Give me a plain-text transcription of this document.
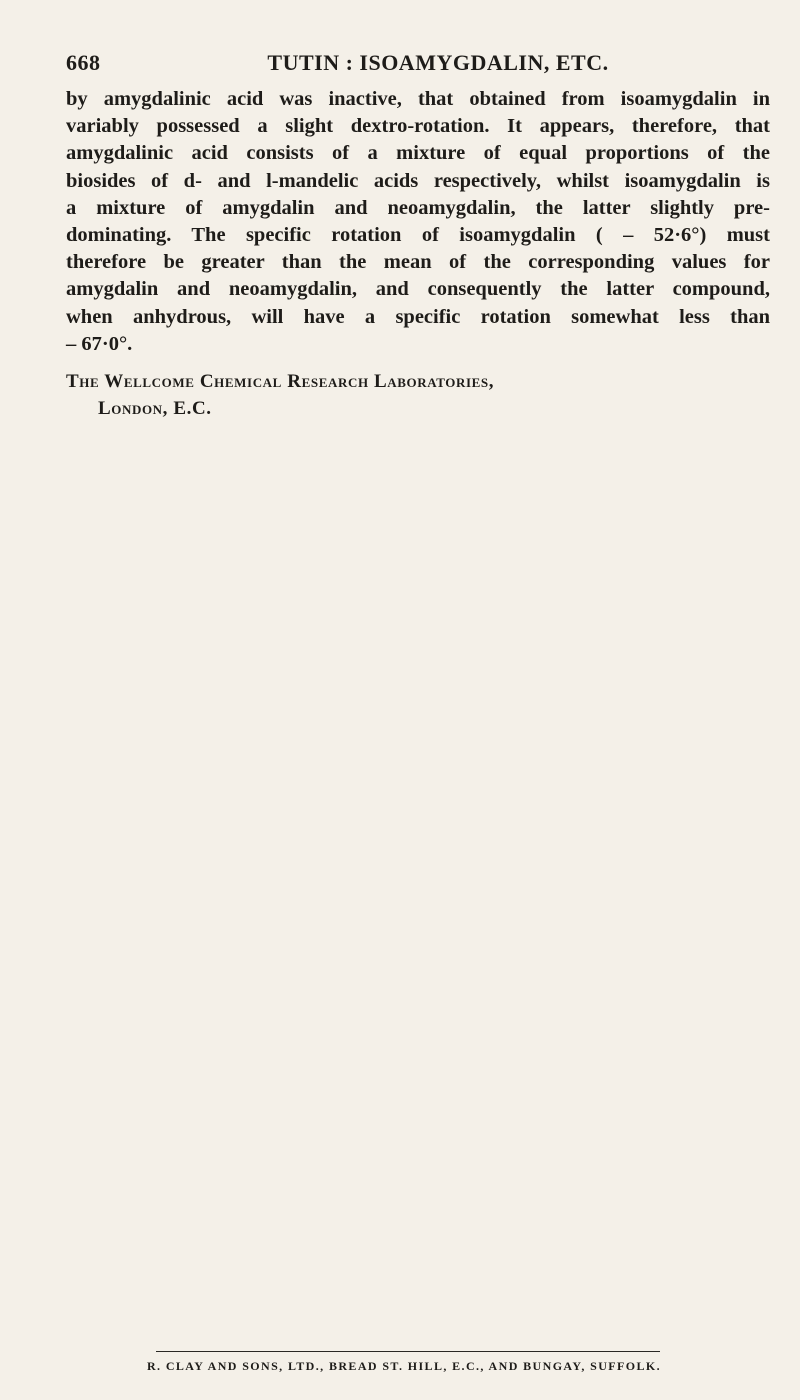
668	TUTIN : ISOAMYGDALIN, ETC.
by amygdalinic acid was inactive, that obtained from isoamygdalin in
variably possessed a slight dextro-rotation. It appears, therefore, that
amygdalinic acid consists of a mixture of equal proportions of the
biosides of d- and l-mandelic acids respectively, whilst isoamygdalin is
a mixture of amygdalin and neoamygdalin, the latter slightly pre-
dominating. The specific rotation of isoamygdalin ( – 52·6°) must
therefore be greater than the mean of the corresponding values for
amygdalin and neoamygdalin, and consequently the latter compound,
when anhydrous, will have a specific rotation somewhat less than
– 67·0°.
The Wellcome Chemical Research Laboratories,
London, E.C.
R. CLAY AND SONS, LTD., BREAD ST. HILL, E.C., AND BUNGAY, SUFFOLK.
